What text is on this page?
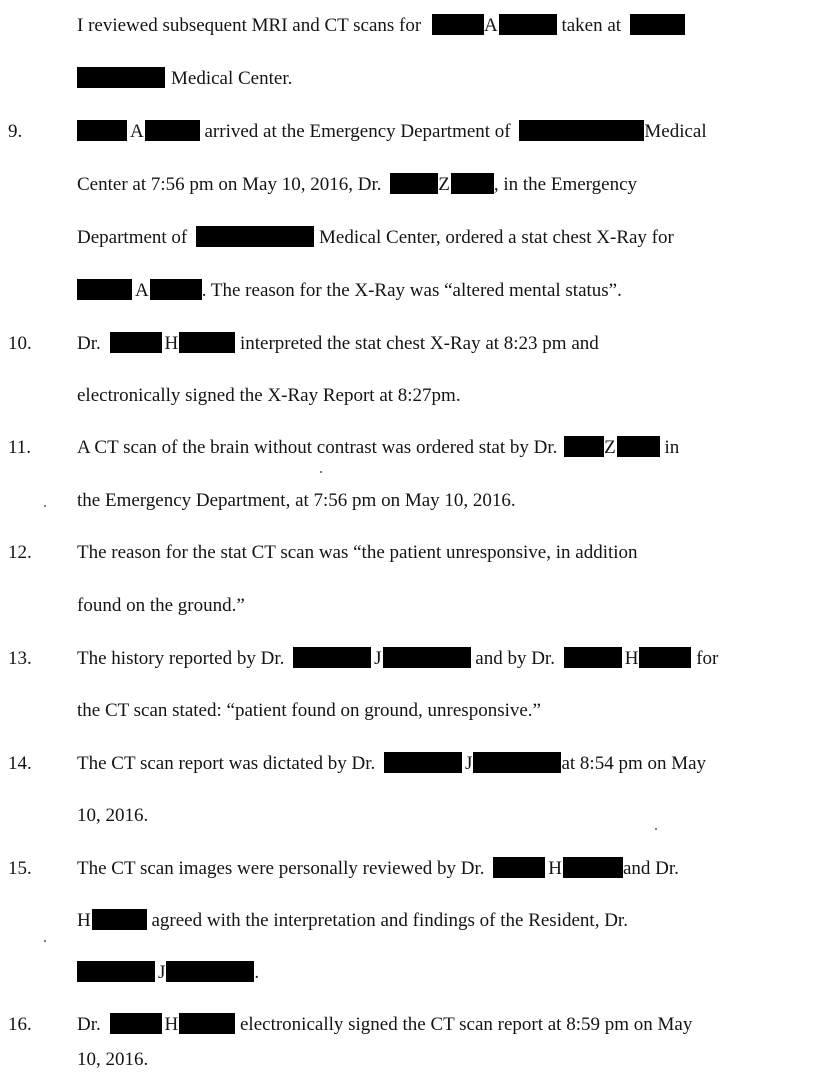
I reviewed subsequent MRI and CT scans for	A	taken at
Medical Center.
9.	A	arrived at the Emergency Department of	Medical
Center at 7:56 pm on May 10, 2016, Dr.	Z , in the Emergency
Department of	Medical Center, ordered a stat chest X-Ray for
A	. The reason for the X-Ray was “altered mental status”.
10.	Dr.	H	interpreted the stat chest X-Ray at 8:23 pm and
electronically signed the X-Ray Report at 8:27pm.
11.	A CT scan of the brain without contrast was ordered stat by Dr. Z	in
the Emergency Department, at 7:56 pm on May 10, 2016.
12.	The reason for the stat CT scan was “the patient unresponsive, in addition
found on the ground.”
13.	The history reported by Dr.	J	and by Dr.	H	for
the CT scan stated: “patient found on ground, unresponsive.”
14.	The CT scan report was dictated by Dr.	J	at 8:54 pm on May
10, 2016.
15.	The CT scan images were personally reviewed by Dr.	H	and Dr.
H	agreed with the interpretation and findings of the Resident, Dr.
J	.
16.	Dr.	H	electronically signed the CT scan report at 8:59 pm on May
10, 2016.
